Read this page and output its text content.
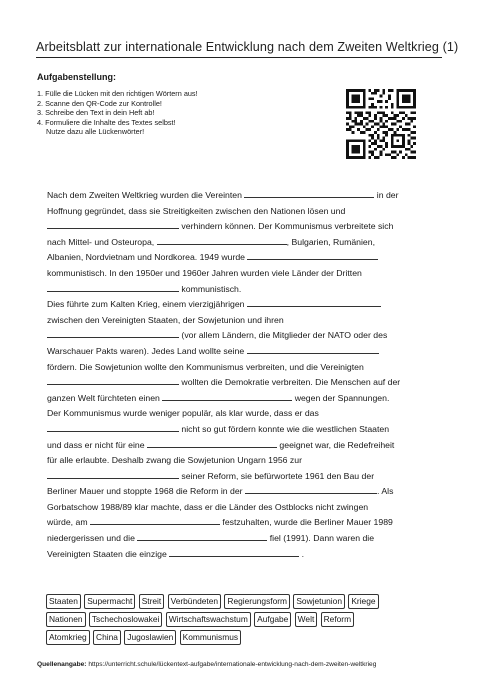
Arbeitsblatt zur internationale Entwicklung nach dem Zweiten Weltkrieg (1)
Aufgabenstellung:
1. Fülle die Lücken mit den richtigen Wörtern aus!
2. Scanne den QR-Code zur Kontrolle!
3. Schreibe den Text in dein Heft ab!
4. Formuliere die Inhalte des Textes selbst!
Nutze dazu alle Lückenwörter!
Nach dem Zweiten Weltkrieg wurden die Vereinten	in der
Hoffnung gegründet, dass sie Streitigkeiten zwischen den Nationen lösen und
verhindern können. Der Kommunismus verbreitete sich
nach Mittel- und Osteuropa,	, Bulgarien, Rumänien,
Albanien, Nordvietnam und Nordkorea. 1949 wurde
kommunistisch. In den 1950er und 1960er Jahren wurden viele Länder der Dritten
kommunistisch.
Dies führte zum Kalten Krieg, einem vierzigjährigen
zwischen den Vereinigten Staaten, der Sowjetunion und ihren
(vor allem Ländern, die Mitglieder der NATO oder des
Warschauer Pakts waren). Jedes Land wollte seine
fördern. Die Sowjetunion wollte den Kommunismus verbreiten, und die Vereinigten
wollten die Demokratie verbreiten. Die Menschen auf der
ganzen Welt fürchteten einen	wegen der Spannungen.
Der Kommunismus wurde weniger populär, als klar wurde, dass er das
nicht so gut fördern konnte wie die westlichen Staaten
und dass er nicht für eine	geeignet war, die Redefreiheit
für alle erlaubte. Deshalb zwang die Sowjetunion Ungarn 1956 zur
seiner Reform, sie befürwortete 1961 den Bau der
Berliner Mauer und stoppte 1968 die Reform in der	. Als
Gorbatschow 1988/89 klar machte, dass er die Länder des Ostblocks nicht zwingen
würde, am	festzuhalten, wurde die Berliner Mauer 1989
niedergerissen und die	fiel (1991). Dann waren die
Vereinigten Staaten die einzige	.
Staaten Supermacht Streit Verbündeten Regierungsform Sowjetunion Kriege
Nationen Tschechoslowakei Wirtschaftswachstum Aufgabe Welt Reform
Atomkrieg China Jugoslawien Kommunismus
Quellenangabe: https://unterricht.schule/lückentext-aufgabe/internationale-entwicklung-nach-dem-zweiten-weltkrieg
